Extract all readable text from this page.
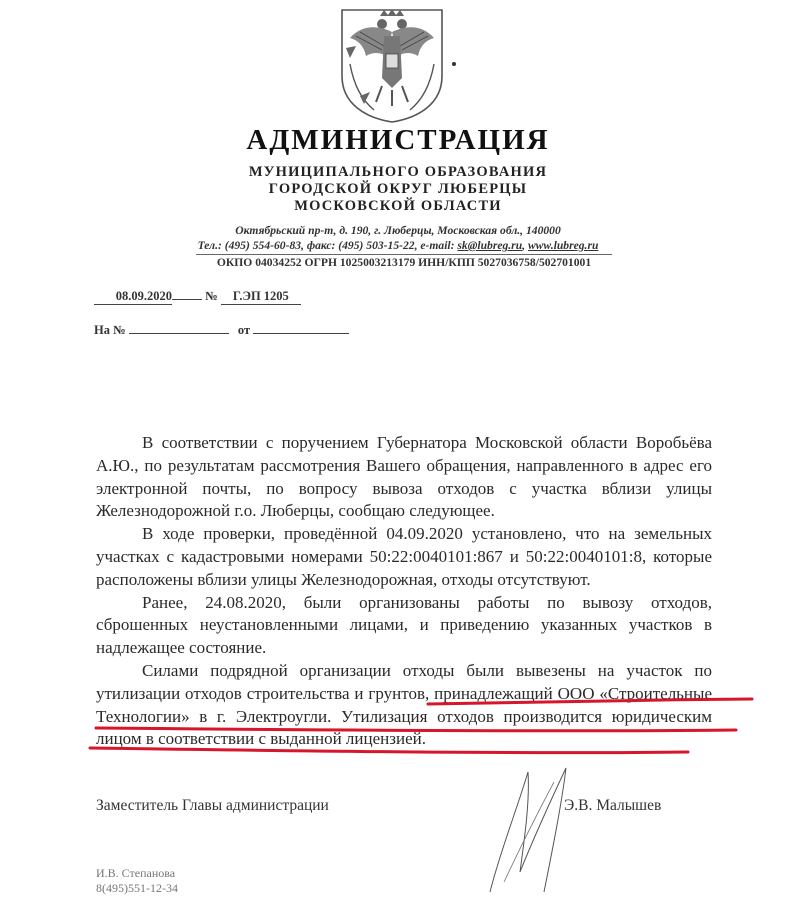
АДМИНИСТРАЦИЯ
МУНИЦИПАЛЬНОГО ОБРАЗОВАНИЯ
ГОРОДСКОЙ ОКРУГ ЛЮБЕРЦЫ
МОСКОВСКОЙ ОБЛАСТИ
Октябрьский пр-т, д. 190, г. Люберцы, Московская обл., 140000
Тел.: (495) 554-60-83, факс: (495) 503-15-22, e-mail: sk@lubreg.ru, www.lubreg.ru
ОКПО 04034252 ОГРН 1025003213179 ИНН/КПП 5027036758/502701001
08.09.2020	№ Г.ЭП 1205
На №	от

В соответствии с поручением Губернатора Московской области Воробьёва А.Ю., по результатам рассмотрения Вашего обращения, направленного в адрес его электронной почты, по вопросу вывоза отходов с участка вблизи улицы Железнодорожной г.о. Люберцы, сообщаю следующее.

В ходе проверки, проведённой 04.09.2020 установлено, что на земельных участках с кадастровыми номерами 50:22:0040101:867 и 50:22:0040101:8, которые расположены вблизи улицы Железнодорожная, отходы отсутствуют.

Ранее, 24.08.2020, были организованы работы по вывозу отходов, сброшенных неустановленными лицами, и приведению указанных участков в надлежащее состояние.

Силами подрядной организации отходы были вывезены на участок по утилизации отходов строительства и грунтов, принадлежащий ООО «Строительные Технологии» в г. Электроугли. Утилизация отходов производится юридическим лицом в соответствии с выданной лицензией.

Заместитель Главы администрации	Э.В. Малышев
И.В. Степанова
8(495)551-12-34
